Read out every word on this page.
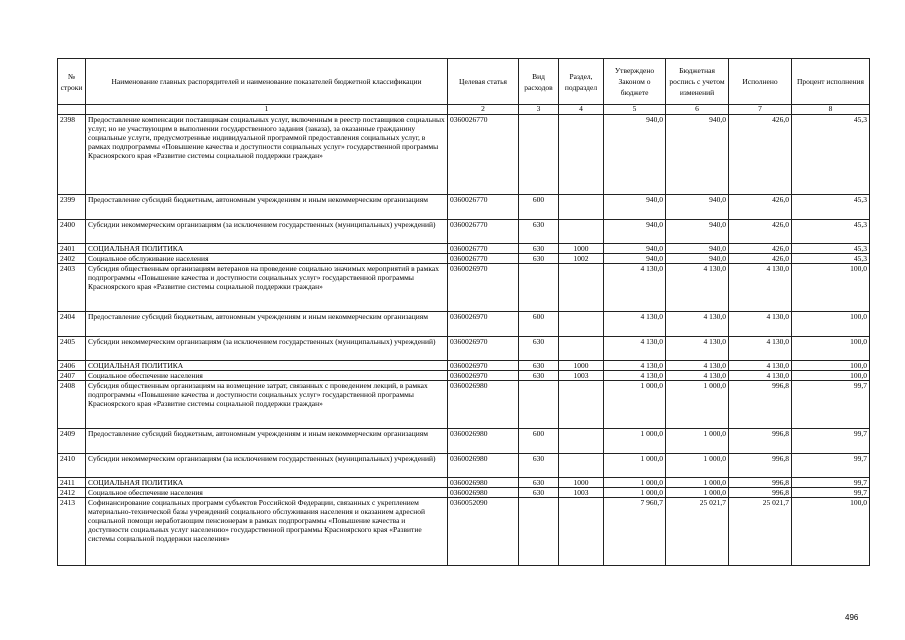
№ строки	Наименование главных распорядителей и наименование показателей бюджетной классификации	Целевая статья	Вид расходов	Раздел, подраздел	Утверждено Законом о бюджете	Бюджетная роспись с учетом изменений	Исполнено	Процент исполнения
	1	2	3	4	5	6	7	8
2398	Предоставление компенсации поставщикам социальных услуг, включенным в реестр поставщиков социальных услуг, но не участвующим в выполнении государственного задания (заказа), за оказанные гражданину социальные услуги, предусмотренные индивидуальной программой предоставления социальных услуг, в рамках подпрограммы «Повышение качества и доступности социальных услуг» государственной программы Красноярского края «Развитие системы социальной поддержки граждан»	0360026770			940,0	940,0	426,0	45,3
2399	Предоставление субсидий бюджетным, автономным учреждениям и иным некоммерческим организациям	0360026770	600		940,0	940,0	426,0	45,3
2400	Субсидии некоммерческим организациям (за исключением государственных (муниципальных) учреждений)	0360026770	630		940,0	940,0	426,0	45,3
2401	СОЦИАЛЬНАЯ ПОЛИТИКА	0360026770	630	1000	940,0	940,0	426,0	45,3
2402	Социальное обслуживание населения	0360026770	630	1002	940,0	940,0	426,0	45,3
2403	Субсидия общественным организациям ветеранов на проведение социально значимых мероприятий в рамках подпрограммы «Повышение качества и доступности социальных услуг» государственной программы Красноярского края «Развитие системы социальной поддержки граждан»	0360026970			4 130,0	4 130,0	4 130,0	100,0
2404	Предоставление субсидий бюджетным, автономным учреждениям и иным некоммерческим организациям	0360026970	600		4 130,0	4 130,0	4 130,0	100,0
2405	Субсидии некоммерческим организациям (за исключением государственных (муниципальных) учреждений)	0360026970	630		4 130,0	4 130,0	4 130,0	100,0
2406	СОЦИАЛЬНАЯ ПОЛИТИКА	0360026970	630	1000	4 130,0	4 130,0	4 130,0	100,0
2407	Социальное обеспечение населения	0360026970	630	1003	4 130,0	4 130,0	4 130,0	100,0
2408	Субсидия общественным организациям на возмещение затрат, связанных с проведением лекций, в рамках подпрограммы «Повышение качества и доступности социальных услуг» государственной программы Красноярского края «Развитие системы социальной поддержки граждан»	0360026980			1 000,0	1 000,0	996,8	99,7
2409	Предоставление субсидий бюджетным, автономным учреждениям и иным некоммерческим организациям	0360026980	600		1 000,0	1 000,0	996,8	99,7
2410	Субсидии некоммерческим организациям (за исключением государственных (муниципальных) учреждений)	0360026980	630		1 000,0	1 000,0	996,8	99,7
2411	СОЦИАЛЬНАЯ ПОЛИТИКА	0360026980	630	1000	1 000,0	1 000,0	996,8	99,7
2412	Социальное обеспечение населения	0360026980	630	1003	1 000,0	1 000,0	996,8	99,7
2413	Софинансирование социальных программ субъектов Российской Федерации, связанных с укреплением материально-технической базы учреждений социального обслуживания населения и оказанием адресной социальной помощи неработающим пенсионерам в рамках подпрограммы «Повышение качества и доступности социальных услуг населению» государственной программы Красноярского края «Развитие системы социальной поддержки населения»	0360052090			7 960,7	25 021,7	25 021,7	100,0
496
